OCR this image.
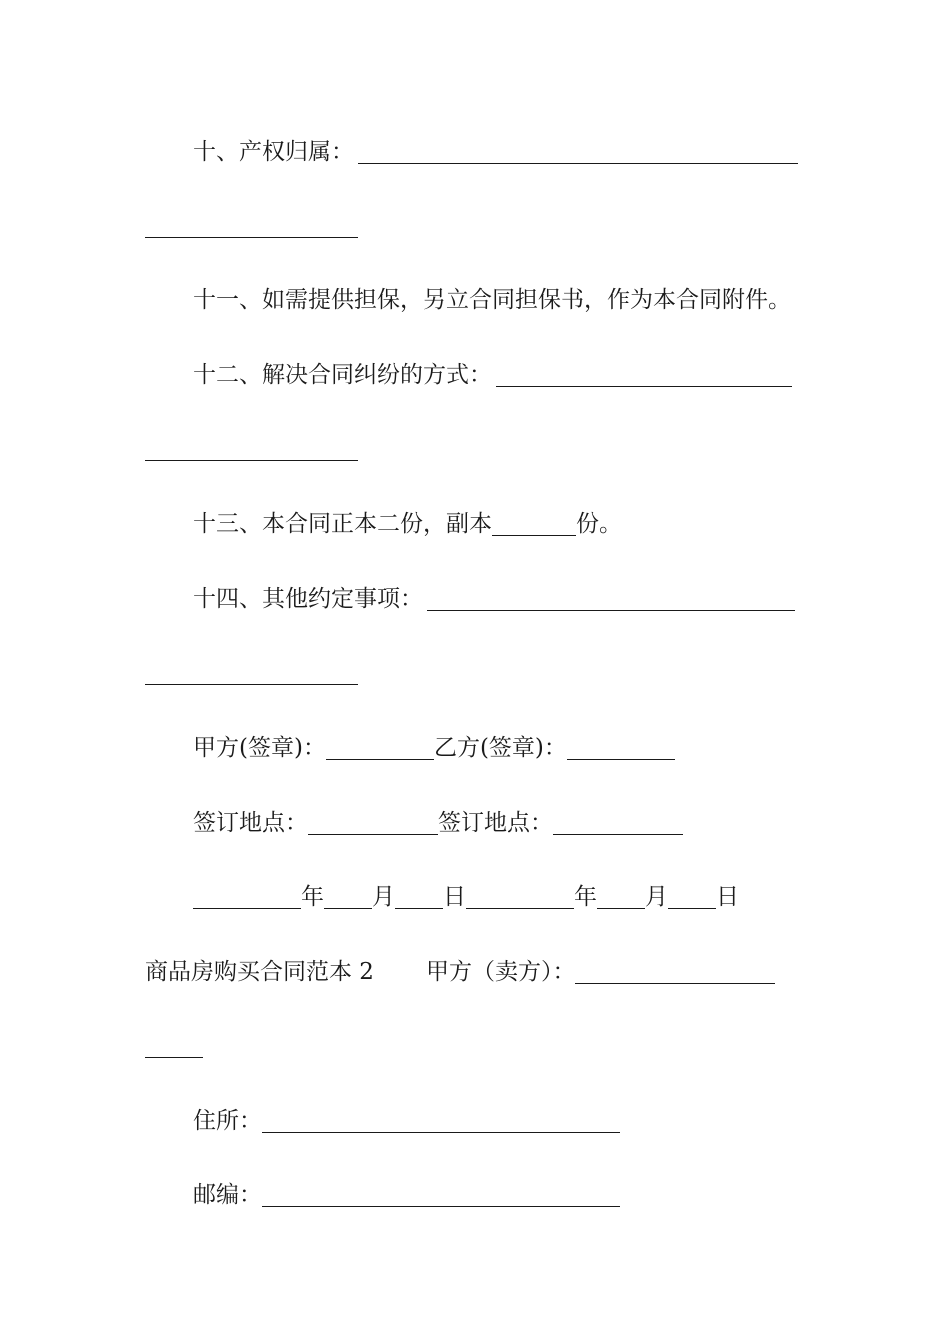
十、产权归属：
十一、如需提供担保，另立合同担保书，作为本合同附件。
十二、解决合同纠纷的方式：
十三、本合同正本二份，副本	份。
十四、其他约定事项：
甲方(签章)：	乙方(签章)：
签订地点：	签订地点：
年 月 日	年 月 日
商品房购买合同范本 2 甲方（卖方）：
住所：
邮编：
